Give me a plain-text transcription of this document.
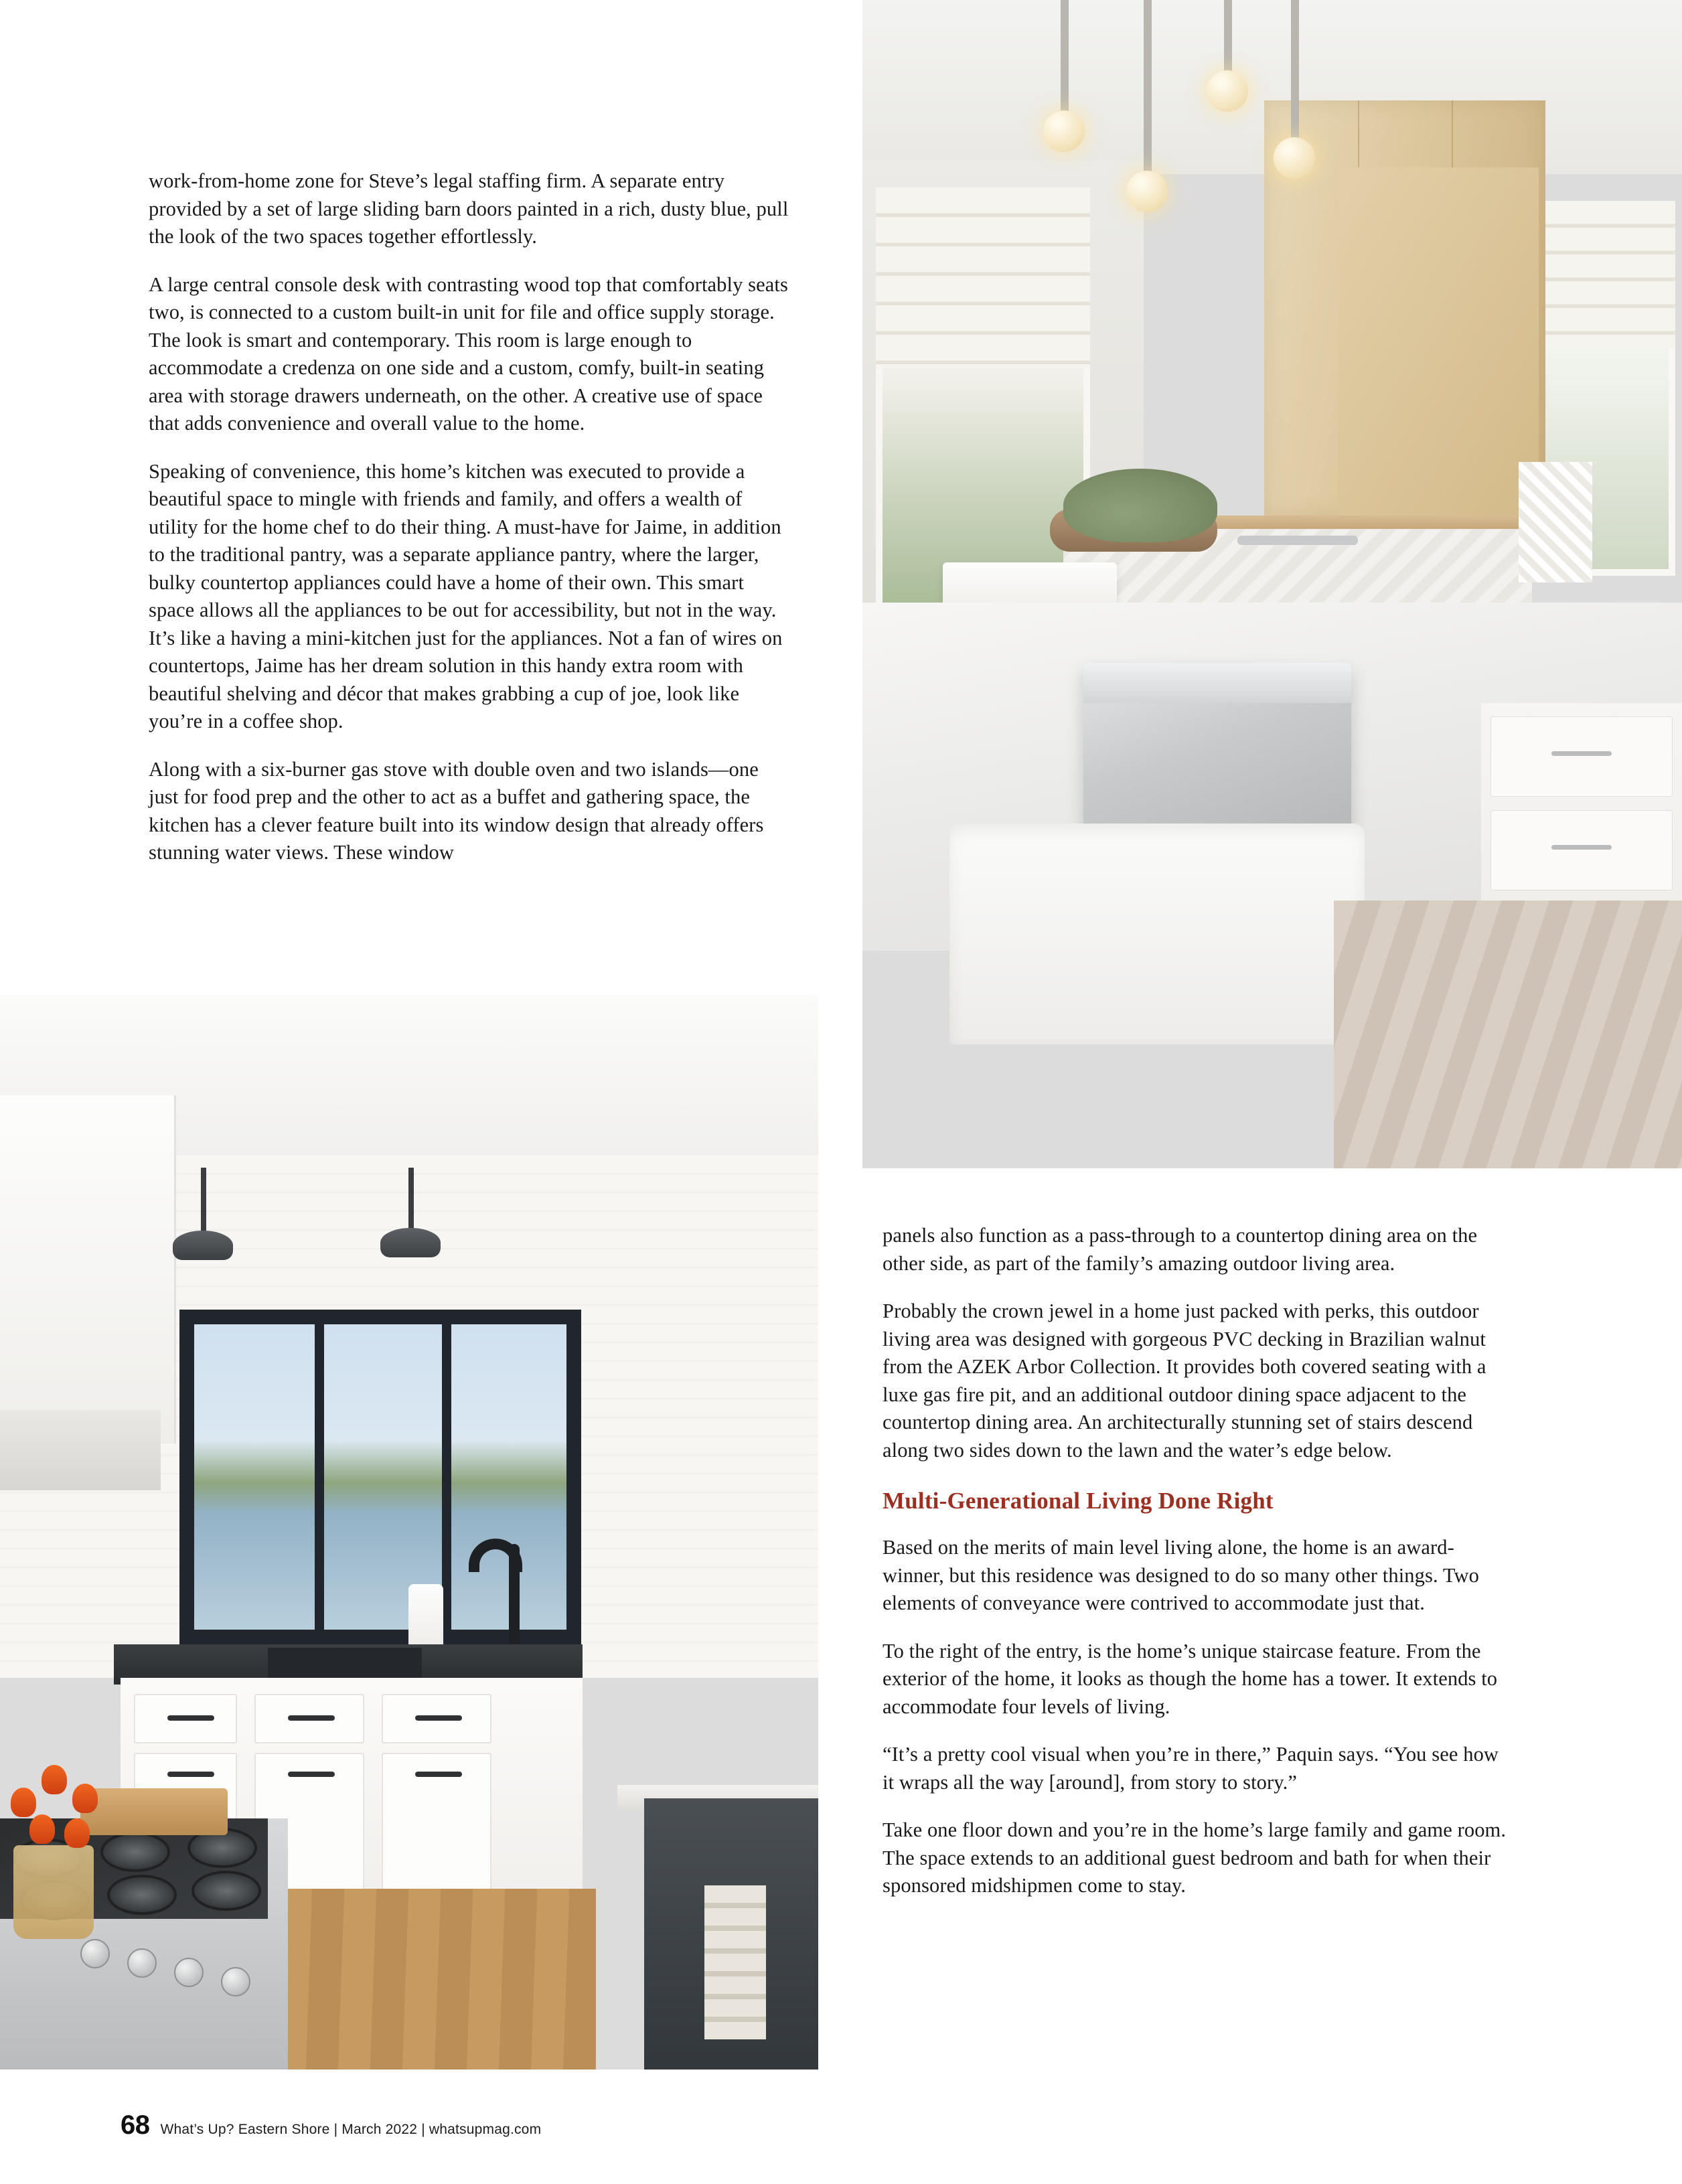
work-from-home zone for Steve’s legal staffing firm. A separate entry provided by a set of large sliding barn doors painted in a rich, dusty blue, pull the look of the two spaces together effortlessly.

A large central console desk with contrasting wood top that comfortably seats two, is connected to a custom built-in unit for file and office supply storage. The look is smart and contemporary. This room is large enough to accommodate a credenza on one side and a custom, comfy, built-in seating area with storage drawers underneath, on the other. A creative use of space that adds convenience and overall value to the home.

Speaking of convenience, this home’s kitchen was executed to provide a beautiful space to mingle with friends and family, and offers a wealth of utility for the home chef to do their thing. A must-have for Jaime, in addition to the traditional pantry, was a separate appliance pantry, where the larger, bulky countertop appliances could have a home of their own. This smart space allows all the appliances to be out for accessibility, but not in the way. It’s like a having a mini-kitchen just for the appliances. Not a fan of wires on countertops, Jaime has her dream solution in this handy extra room with beautiful shelving and décor that makes grabbing a cup of joe, look like you’re in a coffee shop.

Along with a six-burner gas stove with double oven and two islands—one just for food prep and the other to act as a buffet and gathering space, the kitchen has a clever feature built into its window design that already offers stunning water views. These window

panels also function as a pass-through to a countertop dining area on the other side, as part of the family’s amazing outdoor living area.

Probably the crown jewel in a home just packed with perks, this outdoor living area was designed with gorgeous PVC decking in Brazilian walnut from the AZEK Arbor Collection. It provides both covered seating with a luxe gas fire pit, and an additional outdoor dining space adjacent to the countertop dining area. An architecturally stunning set of stairs descend along two sides down to the lawn and the water’s edge below.

Multi-Generational Living Done Right

Based on the merits of main level living alone, the home is an award-winner, but this residence was designed to do so many other things. Two elements of conveyance were contrived to accommodate just that.

To the right of the entry, is the home’s unique staircase feature. From the exterior of the home, it looks as though the home has a tower. It extends to accommodate four levels of living.

“It’s a pretty cool visual when you’re in there,” Paquin says. “You see how it wraps all the way [around], from story to story.”

Take one floor down and you’re in the home’s large family and game room. The space extends to an additional guest bedroom and bath for when their sponsored midshipmen come to stay.

68 What’s Up? Eastern Shore | March 2022 | whatsupmag.com
